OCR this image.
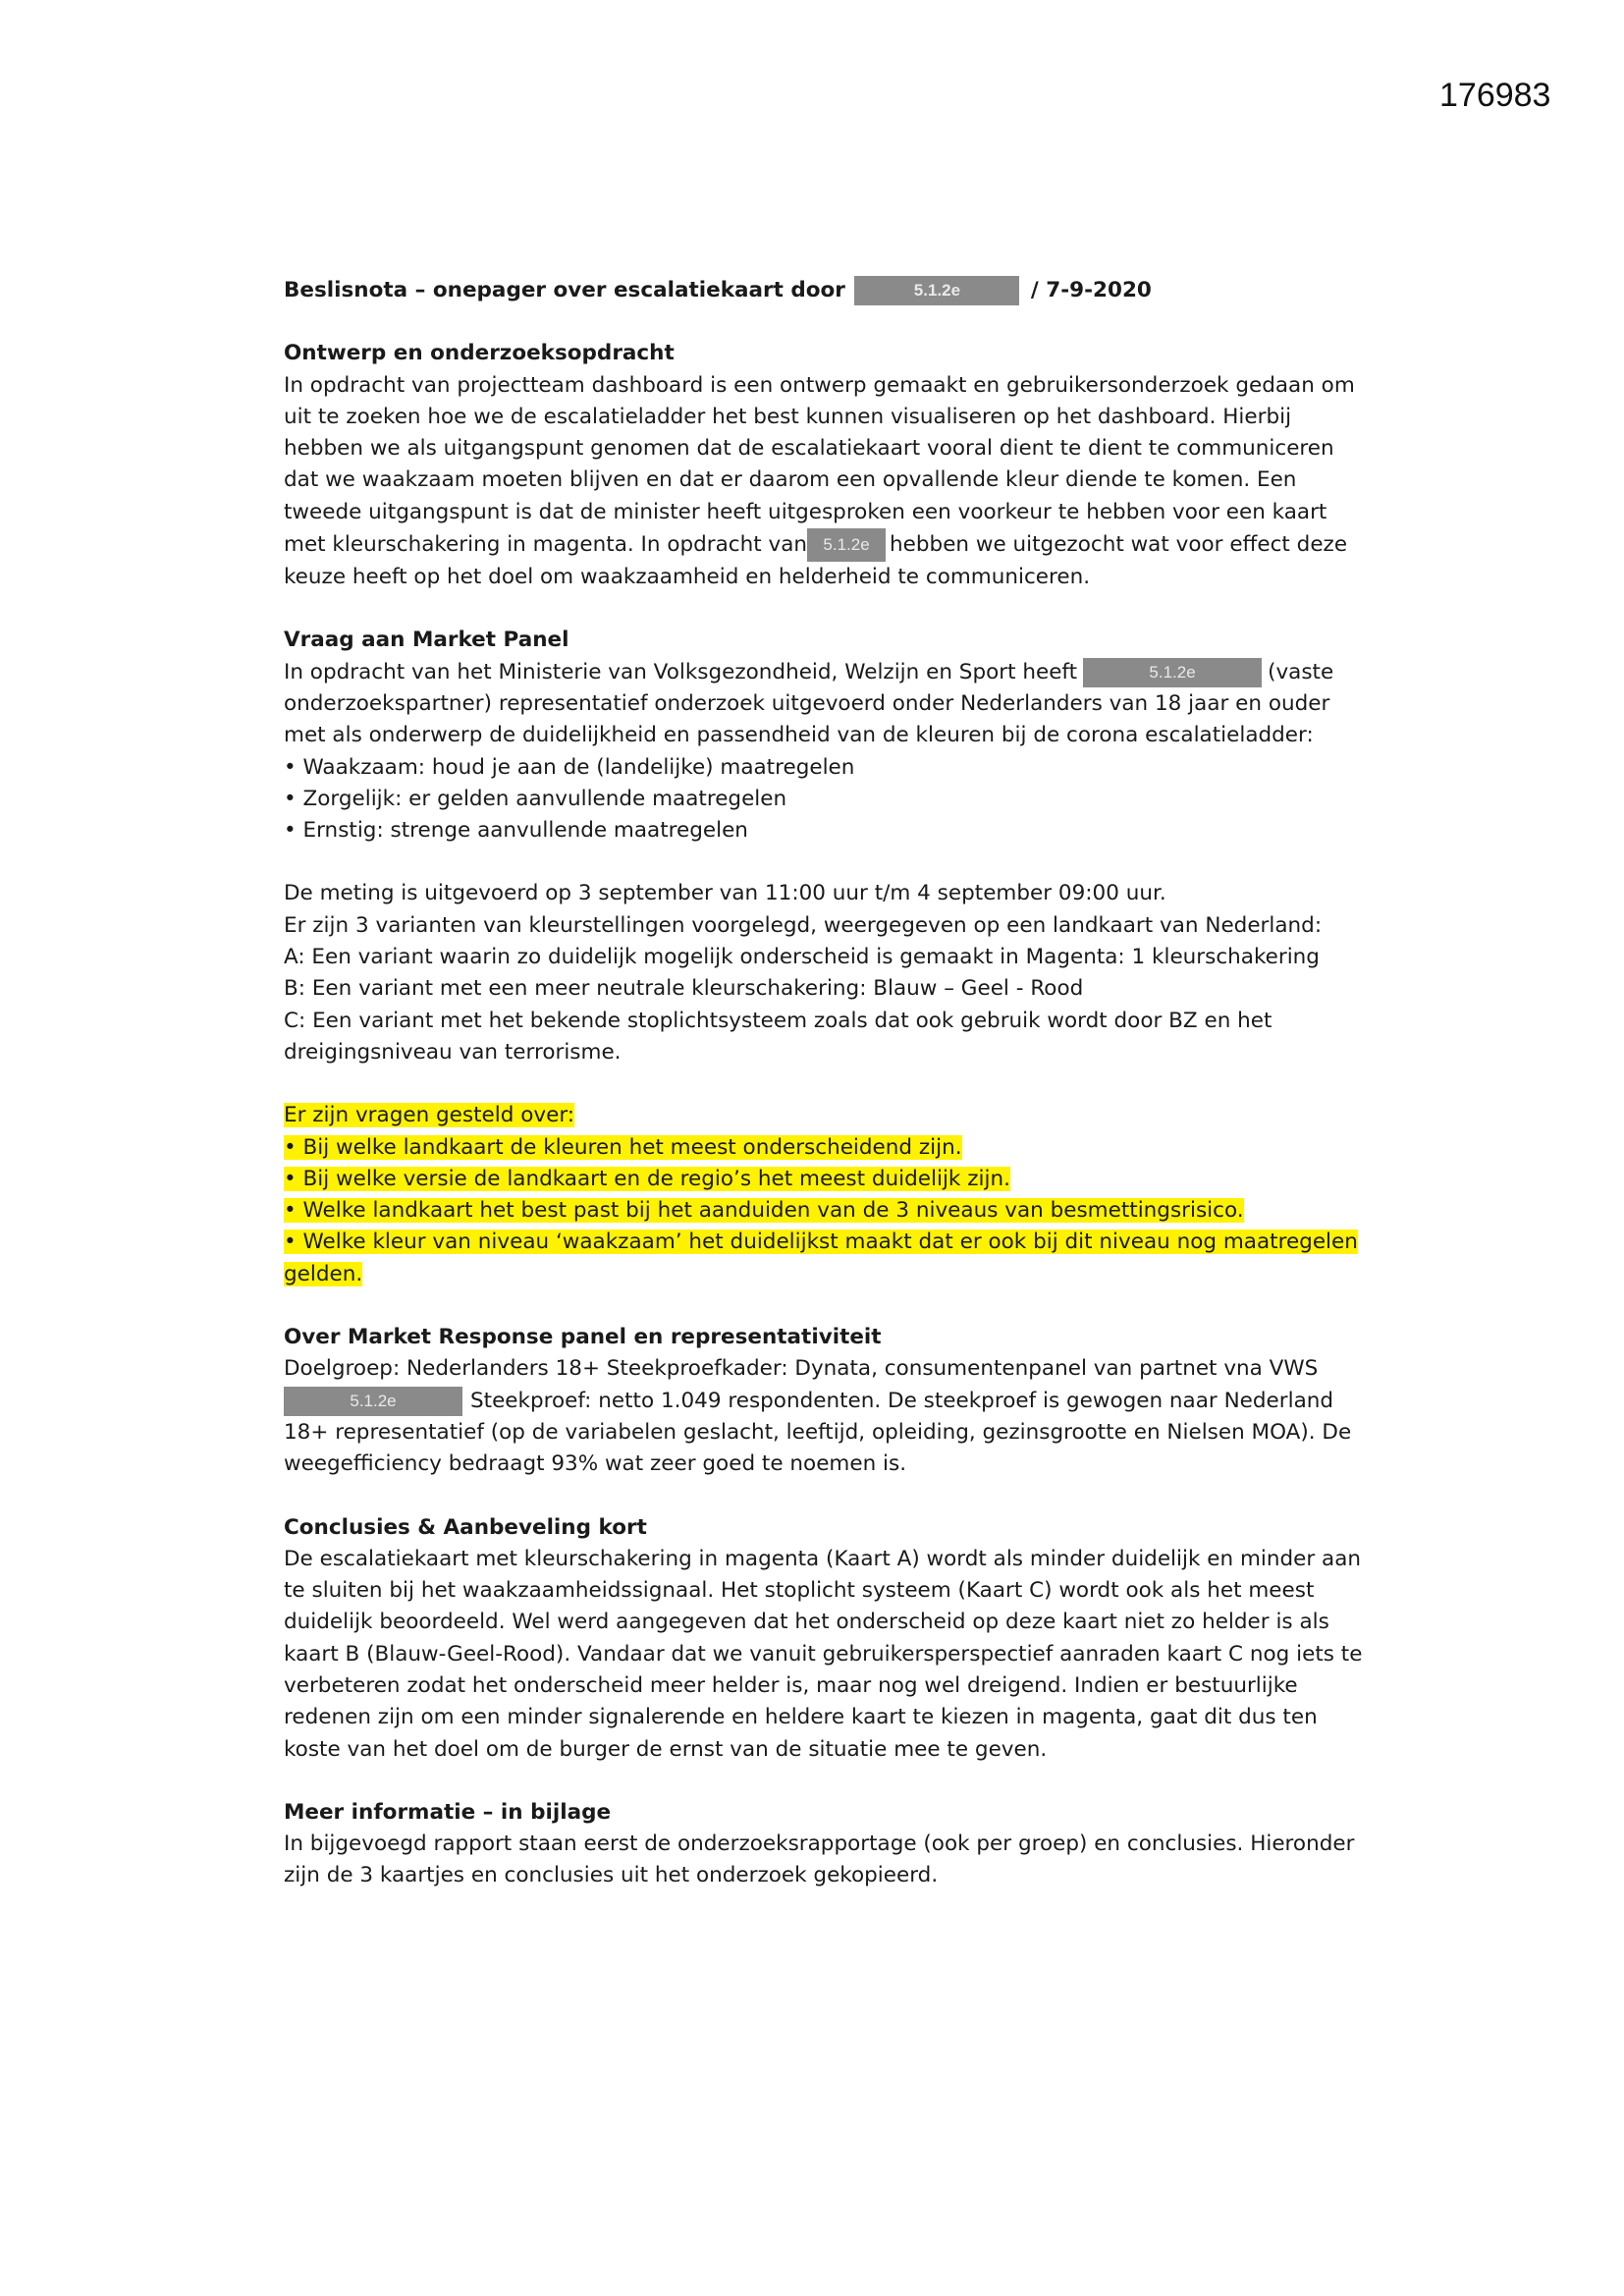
176983

Beslisnota – onepager over escalatiekaart door	5.1.2e	/ 7-9-2020

Ontwerp en onderzoeksopdracht

In opdracht van projectteam dashboard is een ontwerp gemaakt en gebruikersonderzoek gedaan om uit te zoeken hoe we de escalatieladder het best kunnen visualiseren op het dashboard. Hierbij hebben we als uitgangspunt genomen dat de escalatiekaart vooral dient te dient te communiceren dat we waakzaam moeten blijven en dat er daarom een opvallende kleur diende te komen. Een tweede uitgangspunt is dat de minister heeft uitgesproken een voorkeur te hebben voor een kaart met kleurschakering in magenta. In opdracht van 5.1.2e hebben we uitgezocht wat voor effect deze keuze heeft op het doel om waakzaamheid en helderheid te communiceren.

Vraag aan Market Panel

In opdracht van het Ministerie van Volksgezondheid, Welzijn en Sport heeft	5.1.2e	(vaste onderzoekspartner) representatief onderzoek uitgevoerd onder Nederlanders van 18 jaar en ouder met als onderwerp de duidelijkheid en passendheid van de kleuren bij de corona escalatieladder:

• Waakzaam: houd je aan de (landelijke) maatregelen

• Zorgelijk: er gelden aanvullende maatregelen

• Ernstig: strenge aanvullende maatregelen

De meting is uitgevoerd op 3 september van 11:00 uur t/m 4 september 09:00 uur.

Er zijn 3 varianten van kleurstellingen voorgelegd, weergegeven op een landkaart van Nederland:

A: Een variant waarin zo duidelijk mogelijk onderscheid is gemaakt in Magenta: 1 kleurschakering

B: Een variant met een meer neutrale kleurschakering: Blauw – Geel - Rood

C: Een variant met het bekende stoplichtsysteem zoals dat ook gebruik wordt door BZ en het dreigingsniveau van terrorisme.

Er zijn vragen gesteld over:

• Bij welke landkaart de kleuren het meest onderscheidend zijn.

• Bij welke versie de landkaart en de regio’s het meest duidelijk zijn.

• Welke landkaart het best past bij het aanduiden van de 3 niveaus van besmettingsrisico.

• Welke kleur van niveau ‘waakzaam’ het duidelijkst maakt dat er ook bij dit niveau nog maatregelen gelden.

Over Market Response panel en representativiteit

Doelgroep: Nederlanders 18+ Steekproefkader: Dynata, consumentenpanel van partnet vna VWS

5.1.2e	Steekproef: netto 1.049 respondenten. De steekproef is gewogen naar Nederland 18+ representatief (op de variabelen geslacht, leeftijd, opleiding, gezinsgrootte en Nielsen MOA). De weegefficiency bedraagt 93% wat zeer goed te noemen is.

Conclusies & Aanbeveling kort

De escalatiekaart met kleurschakering in magenta (Kaart A) wordt als minder duidelijk en minder aan te sluiten bij het waakzaamheidssignaal. Het stoplicht systeem (Kaart C) wordt ook als het meest duidelijk beoordeeld. Wel werd aangegeven dat het onderscheid op deze kaart niet zo helder is als kaart B (Blauw-Geel-Rood). Vandaar dat we vanuit gebruikersperspectief aanraden kaart C nog iets te verbeteren zodat het onderscheid meer helder is, maar nog wel dreigend. Indien er bestuurlijke redenen zijn om een minder signalerende en heldere kaart te kiezen in magenta, gaat dit dus ten koste van het doel om de burger de ernst van de situatie mee te geven.

Meer informatie – in bijlage

In bijgevoegd rapport staan eerst de onderzoeksrapportage (ook per groep) en conclusies. Hieronder zijn de 3 kaartjes en conclusies uit het onderzoek gekopieerd.
